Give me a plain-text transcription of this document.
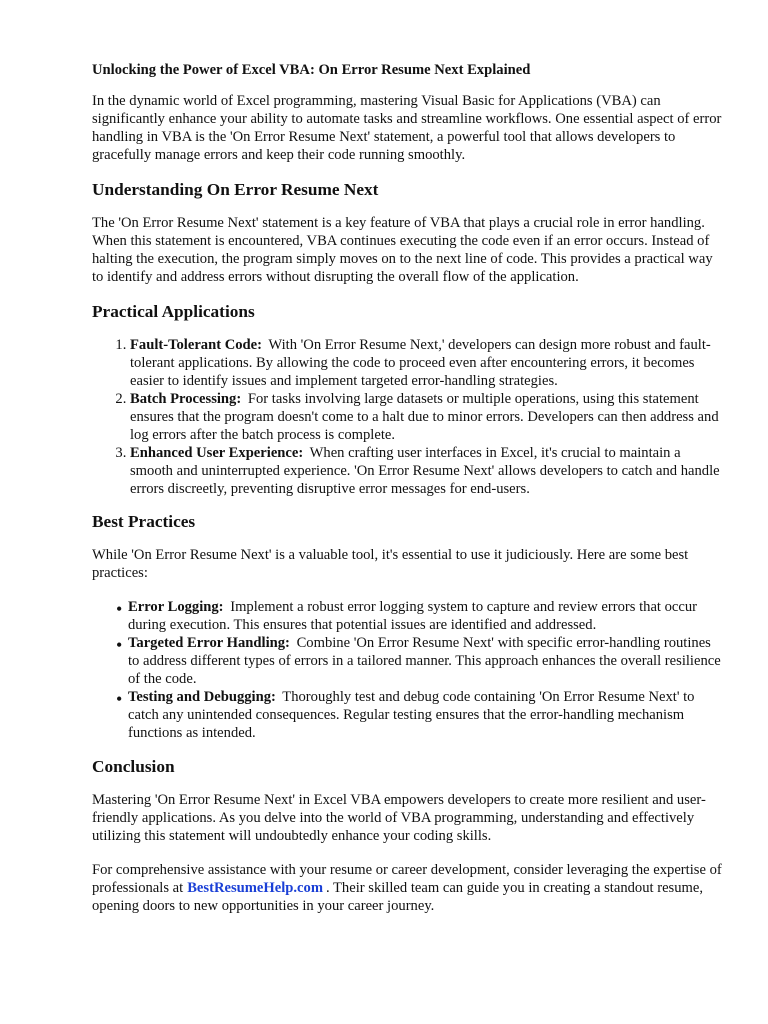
Unlocking the Power of Excel VBA: On Error Resume Next Explained

In the dynamic world of Excel programming, mastering Visual Basic for Applications (VBA) can significantly enhance your ability to automate tasks and streamline workflows. One essential aspect of error handling in VBA is the 'On Error Resume Next' statement, a powerful tool that allows developers to gracefully manage errors and keep their code running smoothly.

Understanding On Error Resume Next

The 'On Error Resume Next' statement is a key feature of VBA that plays a crucial role in error handling. When this statement is encountered, VBA continues executing the code even if an error occurs. Instead of halting the execution, the program simply moves on to the next line of code. This provides a practical way to identify and address errors without disrupting the overall flow of the application.

Practical Applications
1. Fault-Tolerant Code: With 'On Error Resume Next,' developers can design more robust and fault-tolerant applications. By allowing the code to proceed even after encountering errors, it becomes easier to identify issues and implement targeted error-handling strategies.
2. Batch Processing: For tasks involving large datasets or multiple operations, using this statement ensures that the program doesn't come to a halt due to minor errors. Developers can then address and log errors after the batch process is complete.
3. Enhanced User Experience: When crafting user interfaces in Excel, it's crucial to maintain a smooth and uninterrupted experience. 'On Error Resume Next' allows developers to catch and handle errors discreetly, preventing disruptive error messages for end-users.
Best Practices

While 'On Error Resume Next' is a valuable tool, it's essential to use it judiciously. Here are some best practices:

• Error Logging: Implement a robust error logging system to capture and review errors that occur during execution. This ensures that potential issues are identified and addressed.
• Targeted Error Handling: Combine 'On Error Resume Next' with specific error-handling routines to address different types of errors in a tailored manner. This approach enhances the overall resilience of the code.
• Testing and Debugging: Thoroughly test and debug code containing 'On Error Resume Next' to catch any unintended consequences. Regular testing ensures that the error-handling mechanism functions as intended.
Conclusion

Mastering 'On Error Resume Next' in Excel VBA empowers developers to create more resilient and user-friendly applications. As you delve into the world of VBA programming, understanding and effectively utilizing this statement will undoubtedly enhance your coding skills.

For comprehensive assistance with your resume or career development, consider leveraging the expertise of professionals at BestResumeHelp.com . Their skilled team can guide you in creating a standout resume, opening doors to new opportunities in your career journey.
